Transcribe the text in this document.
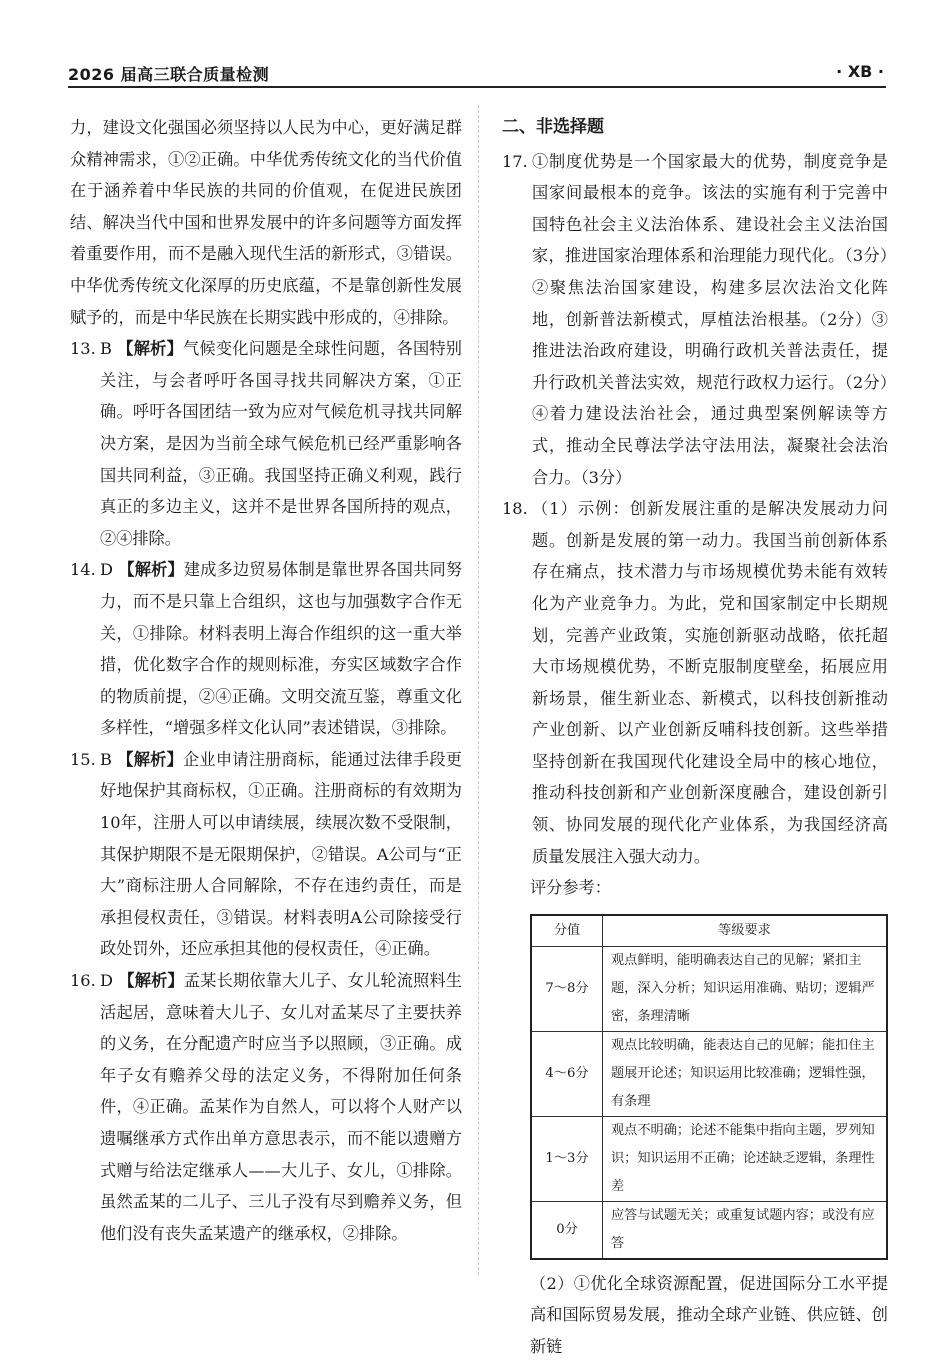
2026 届高三联合质量检测	· XB ·

力，建设文化强国必须坚持以人民为中心，更好满足群众精神需求，①②正确。中华优秀传统文化的当代价值在于涵养着中华民族的共同的价值观，在促进民族团结、解决当代中国和世界发展中的许多问题等方面发挥着重要作用，而不是融入现代生活的新形式，③错误。中华优秀传统文化深厚的历史底蕴，不是靠创新性发展赋予的，而是中华民族在长期实践中形成的，④排除。

13. B 【解析】气候变化问题是全球性问题，各国特别关注，与会者呼吁各国寻找共同解决方案，①正确。呼吁各国团结一致为应对气候危机寻找共同解决方案，是因为当前全球气候危机已经严重影响各国共同利益，③正确。我国坚持正确义利观，践行真正的多边主义，这并不是世界各国所持的观点，②④排除。
14. D 【解析】建成多边贸易体制是靠世界各国共同努力，而不是只靠上合组织，这也与加强数字合作无关，①排除。材料表明上海合作组织的这一重大举措，优化数字合作的规则标准，夯实区域数字合作的物质前提，②④正确。文明交流互鉴，尊重文化多样性，“增强多样文化认同”表述错误，③排除。
15. B 【解析】企业申请注册商标，能通过法律手段更好地保护其商标权，①正确。注册商标的有效期为10年，注册人可以申请续展，续展次数不受限制，其保护期限不是无限期保护，②错误。A公司与“正大”商标注册人合同解除，不存在违约责任，而是承担侵权责任，③错误。材料表明A公司除接受行政处罚外，还应承担其他的侵权责任，④正确。
16. D 【解析】孟某长期依靠大儿子、女儿轮流照料生活起居，意味着大儿子、女儿对孟某尽了主要扶养的义务，在分配遗产时应当予以照顾，③正确。成年子女有赡养父母的法定义务，不得附加任何条件，④正确。孟某作为自然人，可以将个人财产以遗嘱继承方式作出单方意思表示，而不能以遗赠方式赠与给法定继承人——大儿子、女儿，①排除。虽然孟某的二儿子、三儿子没有尽到赡养义务，但他们没有丧失孟某遗产的继承权，②排除。
二、非选择题
17. ①制度优势是一个国家最大的优势，制度竞争是国家间最根本的竞争。该法的实施有利于完善中国特色社会主义法治体系、建设社会主义法治国家，推进国家治理体系和治理能力现代化。（3分）②聚焦法治国家建设，构建多层次法治文化阵地，创新普法新模式，厚植法治根基。（2分）③推进法治政府建设，明确行政机关普法责任，提升行政机关普法实效，规范行政权力运行。（2分）④着力建设法治社会，通过典型案例解读等方式，推动全民尊法学法守法用法，凝聚社会法治合力。（3分）
18. （1）示例：创新发展注重的是解决发展动力问题。创新是发展的第一动力。我国当前创新体系存在痛点，技术潜力与市场规模优势未能有效转化为产业竞争力。为此，党和国家制定中长期规划，完善产业政策，实施创新驱动战略，依托超大市场规模优势，不断克服制度壁垒，拓展应用新场景，催生新业态、新模式，以科技创新推动产业创新、以产业创新反哺科技创新。这些举措坚持创新在我国现代化建设全局中的核心地位，推动科技创新和产业创新深度融合，建设创新引领、协同发展的现代化产业体系，为我国经济高质量发展注入强大动力。

评分参考：

分值	等级要求
7～8分	观点鲜明，能明确表达自己的见解；紧扣主题，深入分析；知识运用准确、贴切；逻辑严密，条理清晰
4～6分	观点比较明确，能表达自己的见解；能扣住主题展开论述；知识运用比较准确；逻辑性强，有条理
1～3分	观点不明确；论述不能集中指向主题，罗列知识；知识运用不正确；论述缺乏逻辑，条理性差
0分	应答与试题无关；或重复试题内容；或没有应答

（2）①优化全球资源配置，促进国际分工水平提高和国际贸易发展，推动全球产业链、供应链、创新链
